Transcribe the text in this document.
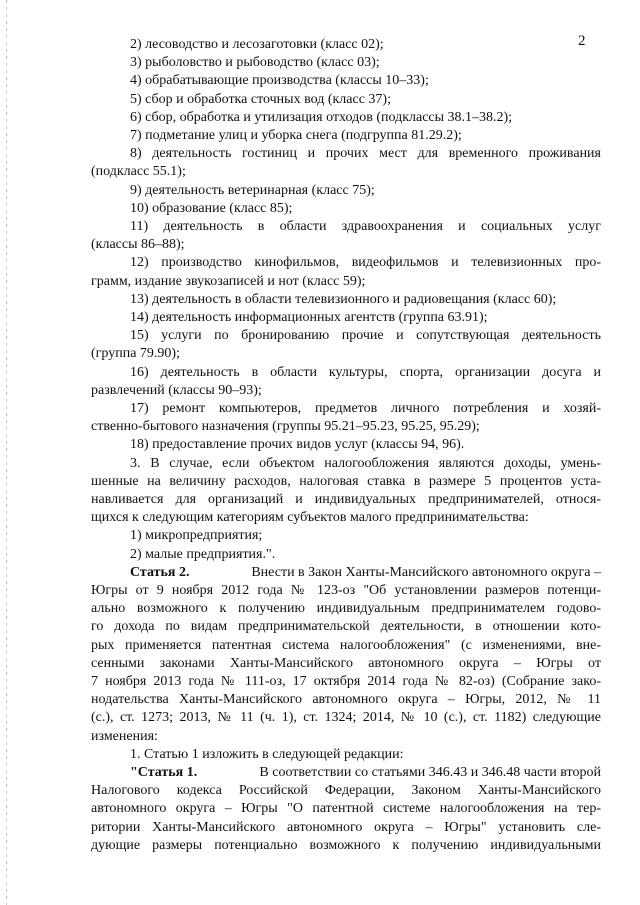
2
2) лесоводство и лесозаготовки (класс 02);
3) рыболовство и рыбоводство (класс 03);
4) обрабатывающие производства (классы 10–33);
5) сбор и обработка сточных вод (класс 37);
6) сбор, обработка и утилизация отходов (подклассы 38.1–38.2);
7) подметание улиц и уборка снега (подгруппа 81.29.2);
8) деятельность гостиниц и прочих мест для временного проживания
(подкласс 55.1);
9) деятельность ветеринарная (класс 75);
10) образование (класс 85);
11) деятельность в области здравоохранения и социальных услуг
(классы 86–88);
12) производство кинофильмов, видеофильмов и телевизионных про-
грамм, издание звукозаписей и нот (класс 59);
13) деятельность в области телевизионного и радиовещания (класс 60);
14) деятельность информационных агентств (группа 63.91);
15) услуги по бронированию прочие и сопутствующая деятельность
(группа 79.90);
16) деятельность в области культуры, спорта, организации досуга и
развлечений (классы 90–93);
17) ремонт компьютеров, предметов личного потребления и хозяй-
ственно-бытового назначения (группы 95.21–95.23, 95.25, 95.29);
18) предоставление прочих видов услуг (классы 94, 96).
3. В случае, если объектом налогообложения являются доходы, умень-
шенные на величину расходов, налоговая ставка в размере 5 процентов уста-
навливается для организаций и индивидуальных предпринимателей, относя-
щихся к следующим категориям субъектов малого предпринимательства:
1) микропредприятия;
2) малые предприятия.".
Статья 2.	Внести в Закон Ханты-Мансийского автономного округа –
Югры от 9 ноября 2012 года № 123-оз "Об установлении размеров потенци-
ально возможного к получению индивидуальным предпринимателем годово-
го дохода по видам предпринимательской деятельности, в отношении кото-
рых применяется патентная система налогообложения" (с изменениями, вне-
сенными законами Ханты-Мансийского автономного округа – Югры от
7 ноября 2013 года № 111-оз, 17 октября 2014 года № 82-оз) (Собрание зако-
нодательства Ханты-Мансийского автономного округа – Югры, 2012, № 11
(с.), ст. 1273; 2013, № 11 (ч. 1), ст. 1324; 2014, № 10 (с.), ст. 1182) следующие
изменения:
1. Статью 1 изложить в следующей редакции:
"Статья 1.	В соответствии со статьями 346.43 и 346.48 части второй
Налогового кодекса Российской Федерации, Законом Ханты-Мансийского
автономного округа – Югры "О патентной системе налогообложения на тер-
ритории Ханты-Мансийского автономного округа – Югры" установить сле-
дующие размеры потенциально возможного к получению индивидуальными
